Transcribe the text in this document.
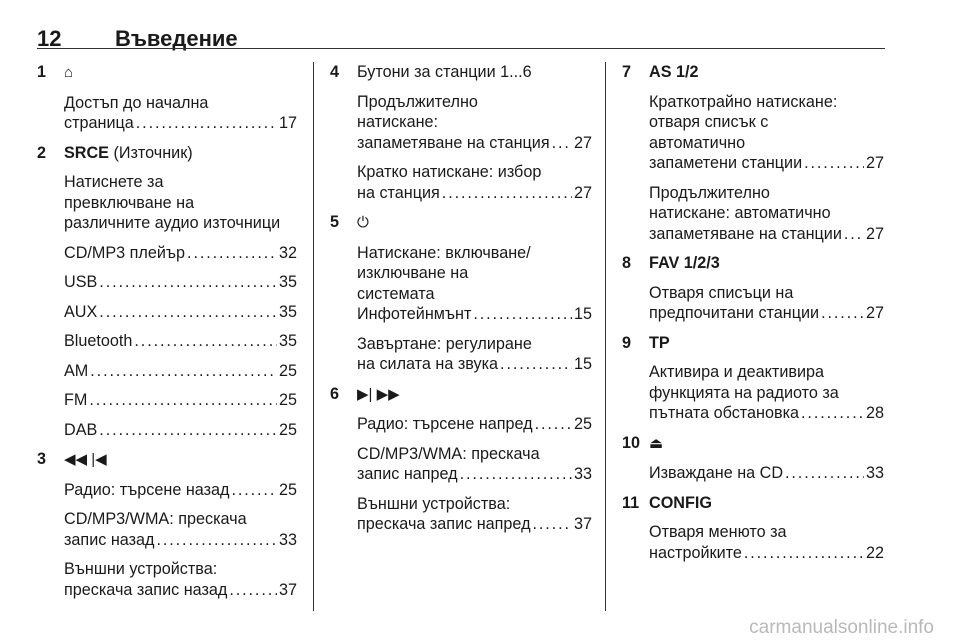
12 Въведение
1 ⌂
Достъп до начална
страница . . .	17
2 SRCE (Източник)
Натиснете за
превключване на
различните аудио източници
CD/MP3 плейър . . .	32
USB . . .	35
AUX . . .	35
Bluetooth . . .	35
AM . . .	25
FM . . .	25
DAB . . .	25
3 ◀◀ |◀
Радио: търсене назад . . .	25
CD/MP3/WMA: прескача
запис назад . . .	33
Външни устройства:
прескача запис назад . . .	37
4 Бутони за станции 1...6
Продължително
натискане:
запаметяване на станция . . . 27
Кратко натискане: избор
на станция . . .	27
5 ⏻
Натискане: включване/
изключване на
системата
Инфотейнмънт . . .	15
Завъртане: регулиране
на силата на звука . . .	15
6 ▶| ▶▶
Радио: търсене напред . . .	25
CD/MP3/WMA: прескача
запис напред . . .	33
Външни устройства:
прескача запис напред . . .	37
7 AS 1/2
Краткотрайно натискане:
отваря списък с
автоматично
запаметени станции . . .	27
Продължително
натискане: автоматично
запаметяване на станции . . . 27
8 FAV 1/2/3
Отваря списъци на
предпочитани станции . . .	27
9 TP
Активира и деактивира
функцията на радиото за
пътната обстановка . . .	28
10 ⏏
Изваждане на CD . . .	33
11 CONFIG
Отваря менюто за
настройките . . .	22
carmanualsonline.info
